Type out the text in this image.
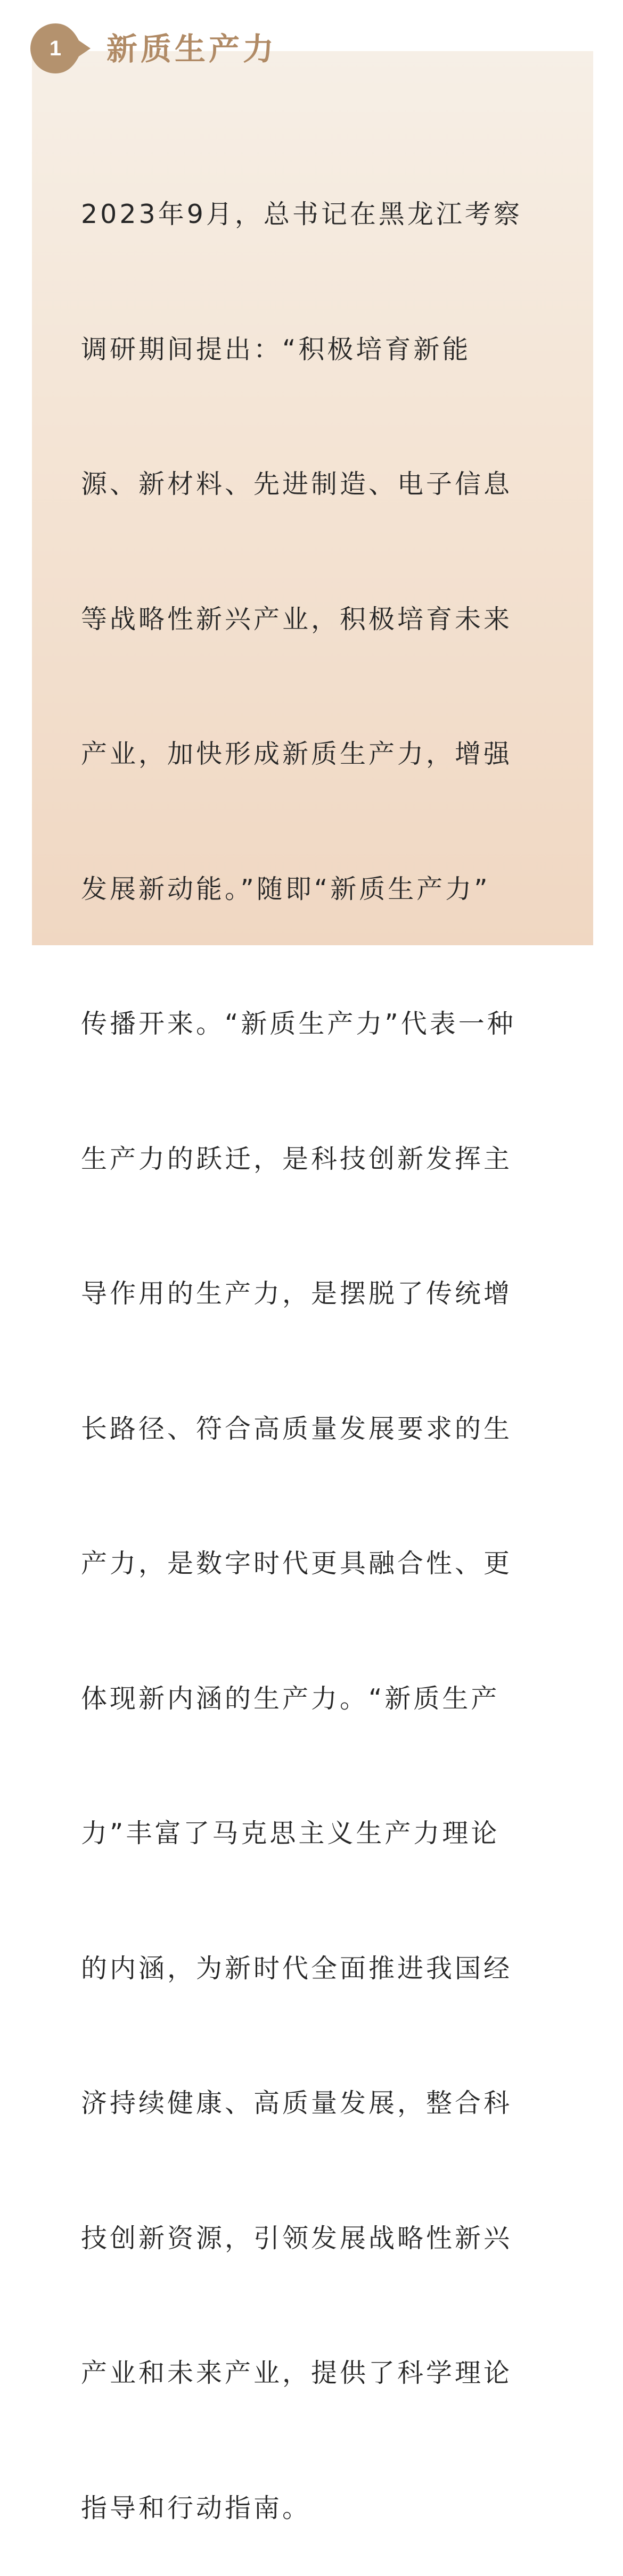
1	新质生产力

2023年9月，总书记在黑龙江考察

调研期间提出：“积极培育新能

源、新材料、先进制造、电子信息

等战略性新兴产业，积极培育未来

产业，加快形成新质生产力，增强

发展新动能。”随即“新质生产力”

传播开来。“新质生产力”代表一种

生产力的跃迁，是科技创新发挥主

导作用的生产力，是摆脱了传统增

长路径、符合高质量发展要求的生

产力，是数字时代更具融合性、更

体现新内涵的生产力。“新质生产

力”丰富了马克思主义生产力理论

的内涵，为新时代全面推进我国经

济持续健康、高质量发展，整合科

技创新资源，引领发展战略性新兴

产业和未来产业，提供了科学理论

指导和行动指南。
